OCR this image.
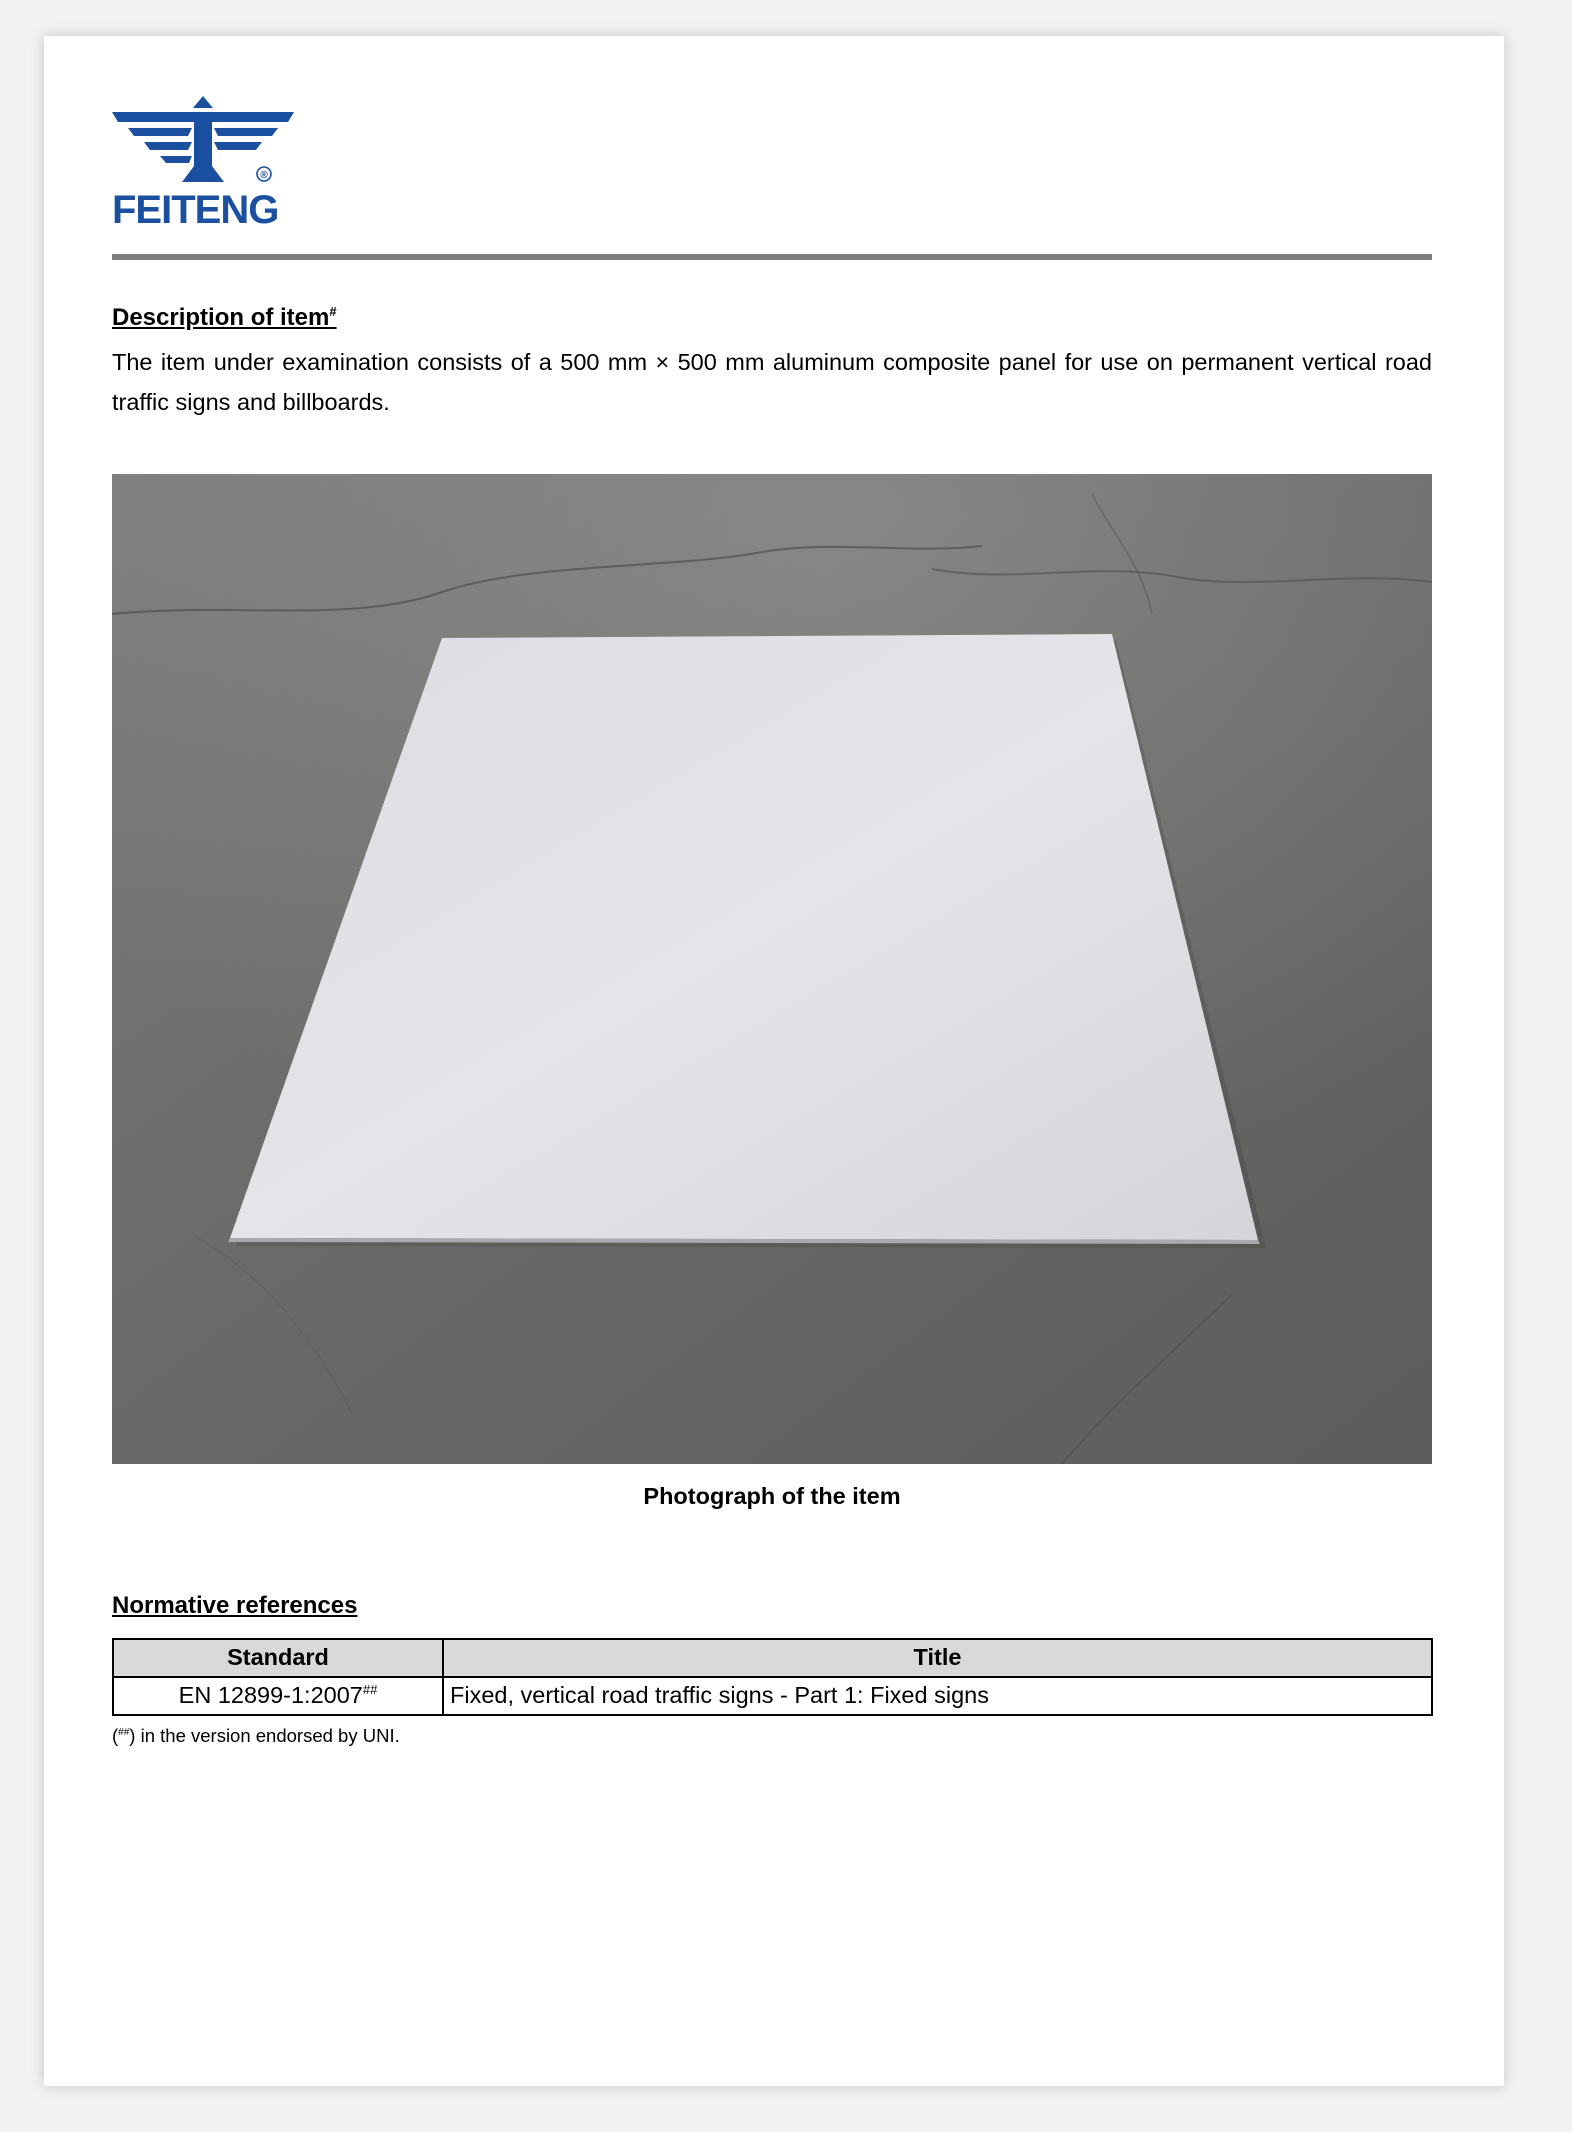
®
FEITENG
Description of item#
The item under examination consists of a 500 mm × 500 mm aluminum composite panel for use on permanent vertical road traffic signs and billboards.
Photograph of the item
Normative references
Standard	Title
EN 12899-1:2007##	Fixed, vertical road traffic signs - Part 1: Fixed signs
(##) in the version endorsed by UNI.
